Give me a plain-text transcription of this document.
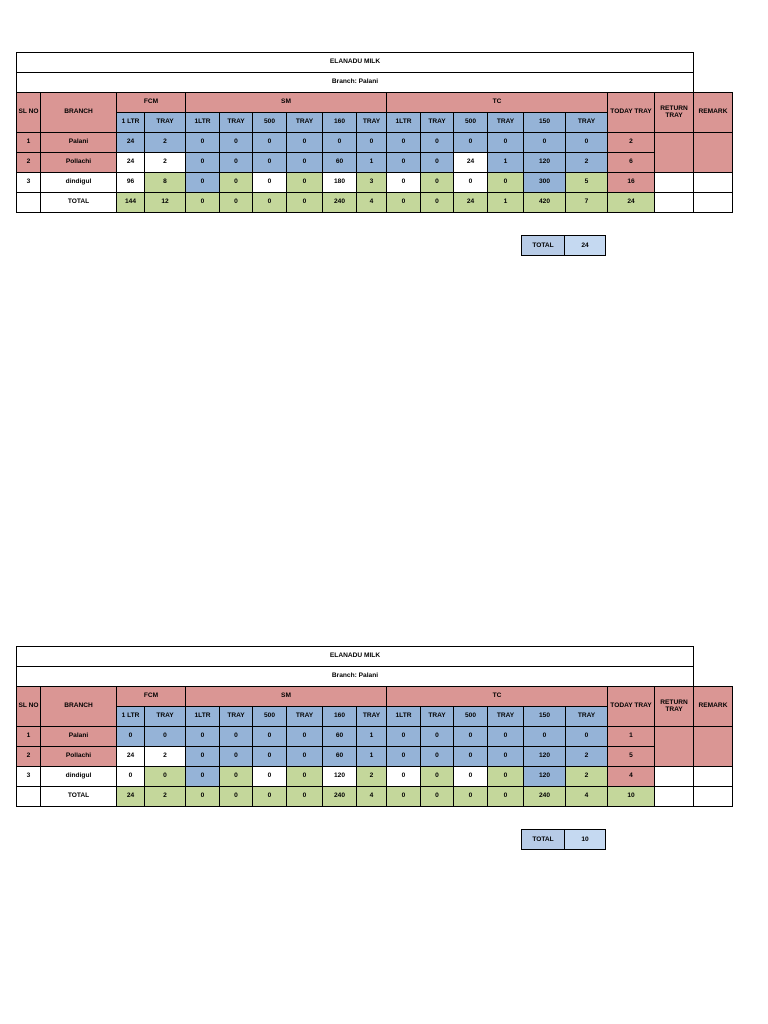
ELANADU MILK																		
Branch: Palani																		
SL NO	BRANCH	FCM		SM						TC						TODAY TRAY	RETURN TRAY	REMARK
		1 LTR	TRAY	1LTR	TRAY	500	TRAY	160	TRAY	1LTR	TRAY	500	TRAY	150	TRAY			
1	Palani	24	2	0	0	0	0	0	0	0	0	0	0	0	0	2		
2	Pollachi	24	2	0	0	0	0	60	1	0	0	24	1	120	2	6		
3	dindigul	96	8	0	0	0	0	180	3	0	0	0	0	300	5	16		
	TOTAL	144	12	0	0	0	0	240	4	0	0	24	1	420	7	24		
TOTAL	24
ELANADU MILK																		
Branch: Palani																		
SL NO	BRANCH	FCM		SM						TC						TODAY TRAY	RETURN TRAY	REMARK
		1 LTR	TRAY	1LTR	TRAY	500	TRAY	160	TRAY	1LTR	TRAY	500	TRAY	150	TRAY			
1	Palani	0	0	0	0	0	0	60	1	0	0	0	0	0	0	1		
2	Pollachi	24	2	0	0	0	0	60	1	0	0	0	0	120	2	5		
3	dindigul	0	0	0	0	0	0	120	2	0	0	0	0	120	2	4		
	TOTAL	24	2	0	0	0	0	240	4	0	0	0	0	240	4	10		
TOTAL	10
